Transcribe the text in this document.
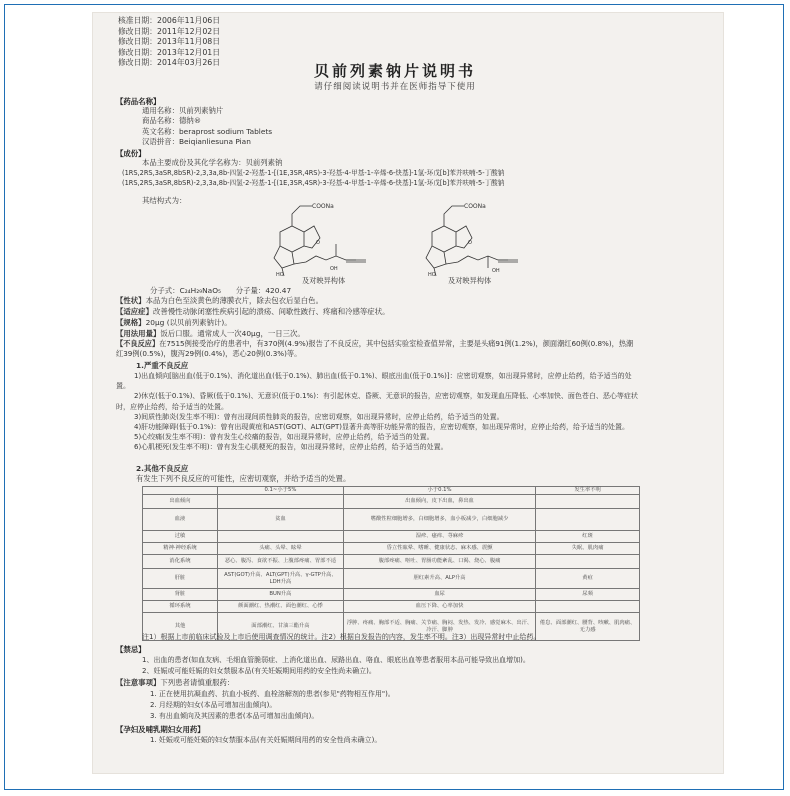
核准日期：2006年11月06日
修改日期：2011年12月02日
修改日期：2013年11月08日
修改日期：2013年12月01日
修改日期：2014年03月26日	贝前列素钠片说明书
请仔细阅读说明书并在医师指导下使用
【药品名称】
通用名称：贝前列素钠片
商品名称：德纳®
英文名称：beraprost sodium Tablets
汉语拼音：Beiqianliesuna Pian
【成份】
本品主要成份及其化学名称为：贝前列素钠
(1RS,2RS,3aSR,8bSR)-2,3,3a,8b-四氢-2-羟基-1-[(1E,3SR,4RS)-3-羟基-4-甲基-1-辛烯-6-炔基]-1氢-环戊[b]苯并呋喃-5-丁酸钠
(1RS,2RS,3aSR,8bSR)-2,3,3a,8b-四氢-2-羟基-1-[(1E,3SR,4SR)-3-羟基-4-甲基-1-辛烯-6-炔基]-1氢-环戊[b]苯并呋喃-5-丁酸钠
其结构式为：
COONa
O
HO
OH
COONa
O
HO
OH
及对映异构体	及对映异构体
分子式：C₂₄H₂₉NaO₅　　分子量：420.47
【性状】本品为白色至淡黄色的薄膜衣片，除去包衣后显白色。
【适应症】改善慢性动脉闭塞性疾病引起的溃疡、间歇性跛行、疼痛和冷感等症状。
【规格】20μg (以贝前列素钠计)。
【用法用量】饭后口服。通常成人一次40μg，一日三次。

【不良反应】在7515例接受治疗的患者中，有370例(4.9%)报告了不良反应，其中包括实验室检查值异常，主要是头痛91例(1.2%)，颜面潮红60例(0.8%)，热潮红39例(0.5%)，腹泻29例(0.4%)，恶心20例(0.3%)等。

1.严重不良反应

1)出血倾向[脑出血(低于0.1%)、消化道出血(低于0.1%)、肺出血(低于0.1%)、眼底出血(低于0.1%)]：应密切观察，如出现异常时，应停止给药，给予适当的处置。

2)休克(低于0.1%)、昏厥(低于0.1%)、无意识(低于0.1%)：有引起休克、昏厥、无意识的报告，应密切观察，如发现血压降低、心率加快、面色苍白、恶心等症状时，应停止给药，给予适当的处置。

3)间质性肺炎(发生率不明)：曾有出现间质性肺炎的报告，应密切观察，如出现异常时，应停止给药，给予适当的处置。

4)肝功能障碍(低于0.1%)：曾有出现黄疸和AST(GOT)、ALT(GPT)显著升高等肝功能异常的报告，应密切观察，如出现异常时，应停止给药，给予适当的处置。

5)心绞痛(发生率不明)：曾有发生心绞痛的报告，如出现异常时，应停止给药，给予适当的处置。

6)心肌梗死(发生率不明)：曾有发生心肌梗死的报告，如出现异常时，应停止给药，给予适当的处置。

2.其他不良反应
有发生下列不良反应的可能性，应密切观察，并给予适当的处置。
	0.1~小于5%	小于0.1%	发生率不明
出血倾向		出血倾向，皮下出血，鼻出血	
血液	贫血	嗜酸性粒细胞增多，白细胞增多，血小板减少，白细胞减少	
过敏		湿疹、瘙痒、荨麻疹	红斑
精神·神经系统	头痛、头晕、眩晕	昏立性眩晕、嗜睡、健康状态、麻木感、震颤	失眠、肌肉痛
消化系统	恶心、腹泻、食欲不振、上腹部疼痛、胃部不适	腹部疼痛、呕吐、胃肠功能紊乱、口渴、烧心、腹痛	
肝脏	AST(GOT)升高、ALT(GPT)升高、γ-GTP升高、LDH升高	胆红素升高、ALP升高	黄疸
肾脏	BUN升高	血尿	尿频
循环系统	颜面潮红、热潮红、面色潮红、心悸	血压下降、心率加快	
其他	面部潮红、甘油三酯升高	浮肿、疼痛、胸部不适、胸痛、关节痛、胸闷、发热、发冷、感觉麻木、出汗、冷汗、脚肿	倦怠、面部潮红、腰背、咳嗽、肌肉痛、无力感
注1）根据上市前临床试验及上市后使用调查情况的统计。注2）根据自发报告的内容，发生率不明。注3）出现异常时中止给药。
【禁忌】
1、出血的患者(如血友病、毛细血管脆弱症、上消化道出血、尿路出血、咯血、眼底出血等患者服用本品可能导致出血增加)。
2、妊娠或可能妊娠的妇女禁服本品(有关妊娠期间用药的安全性尚未确立)。
【注意事项】下列患者请慎重服药：
1. 正在使用抗凝血药、抗血小板药、血栓溶解剂的患者(参见"药物相互作用")。
2. 月经期的妇女(本品可增加出血倾向)。
3. 有出血倾向及其因素的患者(本品可增加出血倾向)。
【孕妇及哺乳期妇女用药】
1. 妊娠或可能妊娠的妇女禁服本品(有关妊娠期间用药的安全性尚未确立)。
